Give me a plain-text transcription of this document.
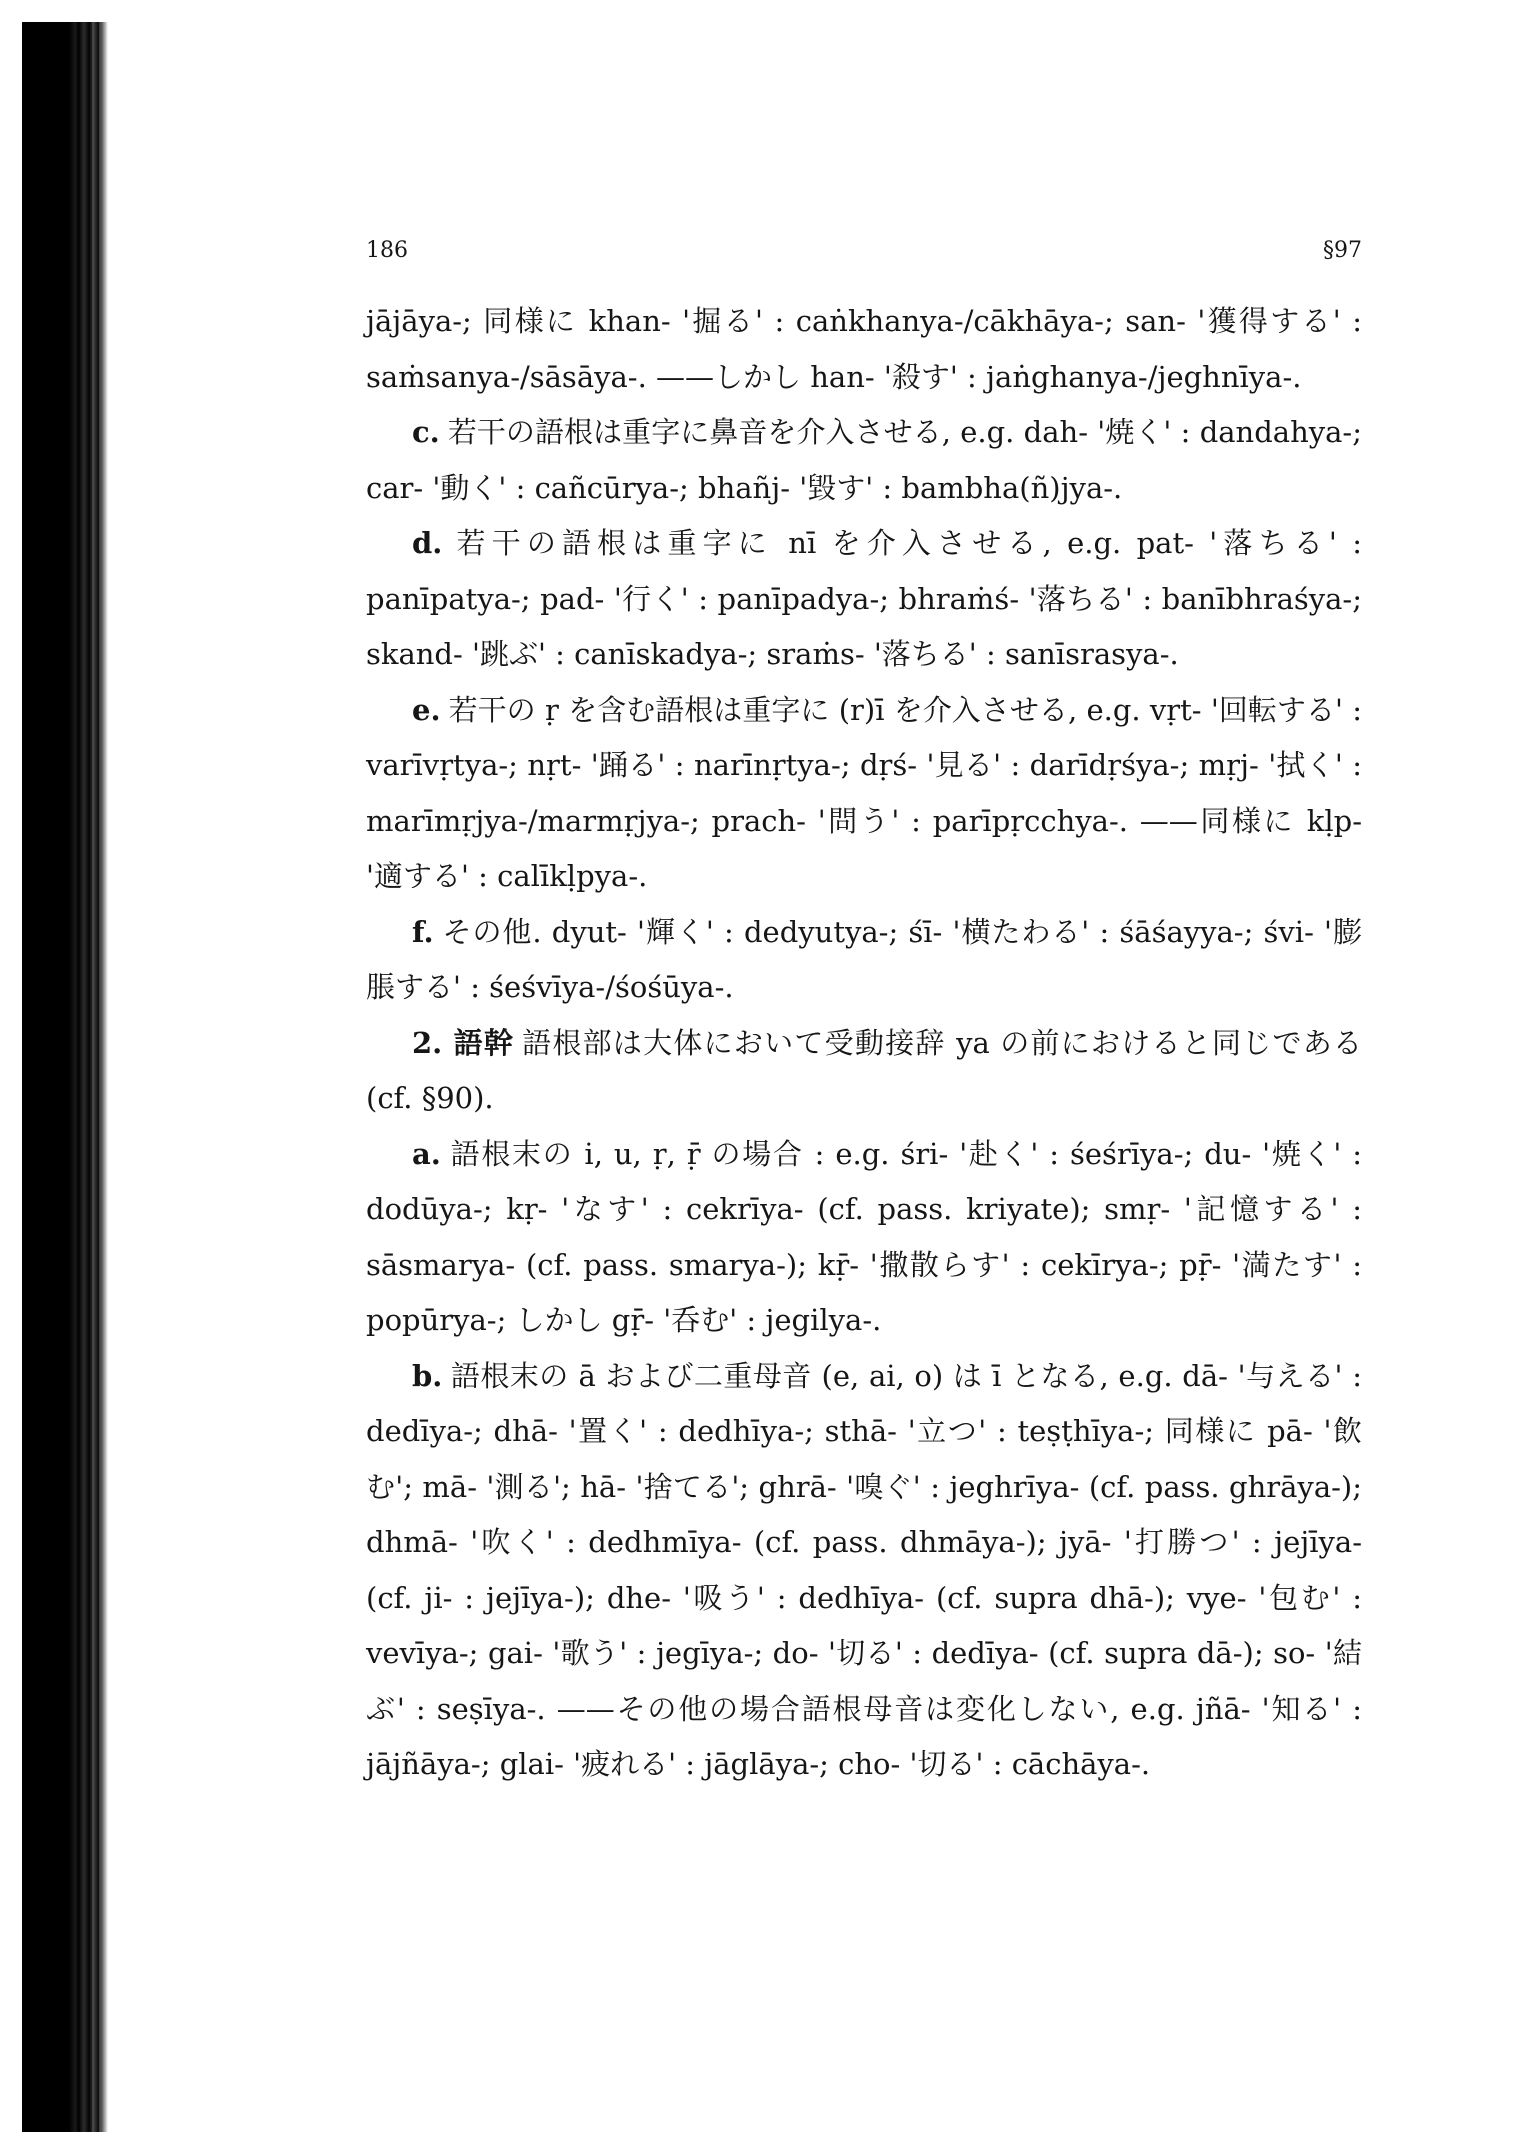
186	§97

jājāya-; 同様に khan- '掘る' : caṅkhanya-/cākhāya-; san- '獲得する' : saṁsanya-/sāsāya-. ——しかし han- '殺す' : jaṅghanya-/jeghnīya-.

c. 若干の語根は重字に鼻音を介入させる, e.g. dah- '焼く' : dandahya-; car- '動く' : cañcūrya-; bhañj- '毀す' : bambha(ñ)jya-.

d. 若干の語根は重字に nī を介入させる, e.g. pat- '落ちる' : panīpatya-; pad- '行く' : panīpadya-; bhraṁś- '落ちる' : banībhraśya-; skand- '跳ぶ' : canīskadya-; sraṁs- '落ちる' : sanīsrasya-.

e. 若干の ṛ を含む語根は重字に (r)ī を介入させる, e.g. vṛt- '回転する' : varīvṛtya-; nṛt- '踊る' : narīnṛtya-; dṛś- '見る' : darīdṛśya-; mṛj- '拭く' : marīmṛjya-/marmṛjya-; prach- '問う' : parīpṛcchya-. ——同様に kḷp- '適する' : calīkḷpya-.

f. その他. dyut- '輝く' : dedyutya-; śī- '横たわる' : śāśayya-; śvi- '膨脹する' : śeśvīya-/śośūya-.

2. 語幹 語根部は大体において受動接辞 ya の前におけると同じである (cf. §90).

a. 語根末の i, u, ṛ, ṝ の場合 : e.g. śri- '赴く' : śeśrīya-; du- '焼く' : dodūya-; kṛ- 'なす' : cekrīya- (cf. pass. kriyate); smṛ- '記憶する' : sāsmarya- (cf. pass. smarya-); kṝ- '撒散らす' : cekīrya-; pṝ- '満たす' : popūrya-; しかし gṝ- '呑む' : jegilya-.

b. 語根末の ā および二重母音 (e, ai, o) は ī となる, e.g. dā- '与える' : dedīya-; dhā- '置く' : dedhīya-; sthā- '立つ' : teṣṭhīya-; 同様に pā- '飲む'; mā- '測る'; hā- '捨てる'; ghrā- '嗅ぐ' : jeghrīya- (cf. pass. ghrāya-); dhmā- '吹く' : dedhmīya- (cf. pass. dhmāya-); jyā- '打勝つ' : jejīya- (cf. ji- : jejīya-); dhe- '吸う' : dedhīya- (cf. supra dhā-); vye- '包む' : vevīya-; gai- '歌う' : jegīya-; do- '切る' : dedīya- (cf. supra dā-); so- '結ぶ' : seṣīya-. ——その他の場合語根母音は変化しない, e.g. jñā- '知る' : jājñāya-; glai- '疲れる' : jāglāya-; cho- '切る' : cāchāya-.
